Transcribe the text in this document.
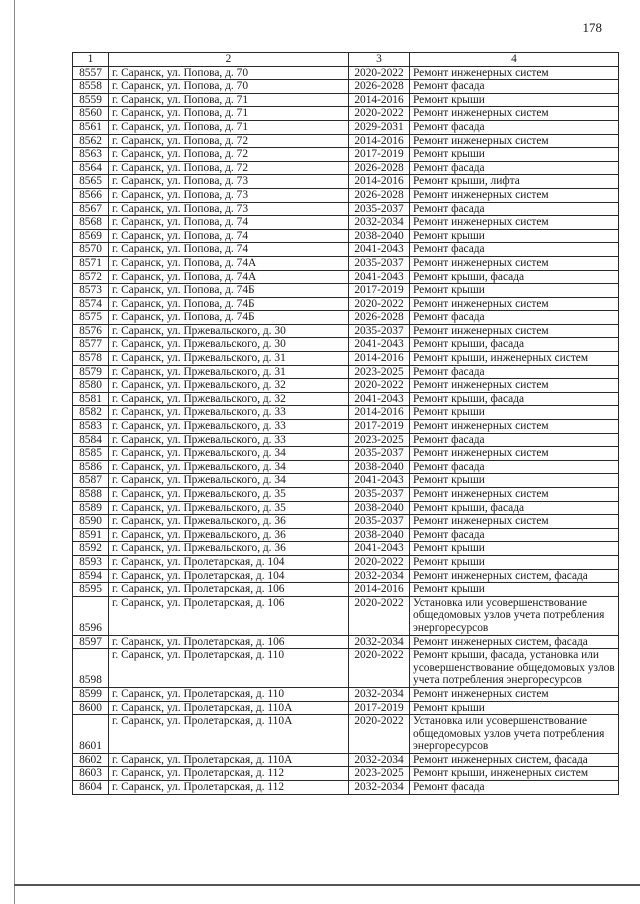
178
1	2	3	4
8557	г. Саранск, ул. Попова, д. 70	2020-2022	Ремонт инженерных систем
8558	г. Саранск, ул. Попова, д. 70	2026-2028	Ремонт фасада
8559	г. Саранск, ул. Попова, д. 71	2014-2016	Ремонт крыши
8560	г. Саранск, ул. Попова, д. 71	2020-2022	Ремонт инженерных систем
8561	г. Саранск, ул. Попова, д. 71	2029-2031	Ремонт фасада
8562	г. Саранск, ул. Попова, д. 72	2014-2016	Ремонт инженерных систем
8563	г. Саранск, ул. Попова, д. 72	2017-2019	Ремонт крыши
8564	г. Саранск, ул. Попова, д. 72	2026-2028	Ремонт фасада
8565	г. Саранск, ул. Попова, д. 73	2014-2016	Ремонт крыши, лифта
8566	г. Саранск, ул. Попова, д. 73	2026-2028	Ремонт инженерных систем
8567	г. Саранск, ул. Попова, д. 73	2035-2037	Ремонт фасада
8568	г. Саранск, ул. Попова, д. 74	2032-2034	Ремонт инженерных систем
8569	г. Саранск, ул. Попова, д. 74	2038-2040	Ремонт крыши
8570	г. Саранск, ул. Попова, д. 74	2041-2043	Ремонт фасада
8571	г. Саранск, ул. Попова, д. 74А	2035-2037	Ремонт инженерных систем
8572	г. Саранск, ул. Попова, д. 74А	2041-2043	Ремонт крыши, фасада
8573	г. Саранск, ул. Попова, д. 74Б	2017-2019	Ремонт крыши
8574	г. Саранск, ул. Попова, д. 74Б	2020-2022	Ремонт инженерных систем
8575	г. Саранск, ул. Попова, д. 74Б	2026-2028	Ремонт фасада
8576	г. Саранск, ул. Пржевальского, д. 30	2035-2037	Ремонт инженерных систем
8577	г. Саранск, ул. Пржевальского, д. 30	2041-2043	Ремонт крыши, фасада
8578	г. Саранск, ул. Пржевальского, д. 31	2014-2016	Ремонт крыши, инженерных систем
8579	г. Саранск, ул. Пржевальского, д. 31	2023-2025	Ремонт фасада
8580	г. Саранск, ул. Пржевальского, д. 32	2020-2022	Ремонт инженерных систем
8581	г. Саранск, ул. Пржевальского, д. 32	2041-2043	Ремонт крыши, фасада
8582	г. Саранск, ул. Пржевальского, д. 33	2014-2016	Ремонт крыши
8583	г. Саранск, ул. Пржевальского, д. 33	2017-2019	Ремонт инженерных систем
8584	г. Саранск, ул. Пржевальского, д. 33	2023-2025	Ремонт фасада
8585	г. Саранск, ул. Пржевальского, д. 34	2035-2037	Ремонт инженерных систем
8586	г. Саранск, ул. Пржевальского, д. 34	2038-2040	Ремонт фасада
8587	г. Саранск, ул. Пржевальского, д. 34	2041-2043	Ремонт крыши
8588	г. Саранск, ул. Пржевальского, д. 35	2035-2037	Ремонт инженерных систем
8589	г. Саранск, ул. Пржевальского, д. 35	2038-2040	Ремонт крыши, фасада
8590	г. Саранск, ул. Пржевальского, д. 36	2035-2037	Ремонт инженерных систем
8591	г. Саранск, ул. Пржевальского, д. 36	2038-2040	Ремонт фасада
8592	г. Саранск, ул. Пржевальского, д. 36	2041-2043	Ремонт крыши
8593	г. Саранск, ул. Пролетарская, д. 104	2020-2022	Ремонт крыши
8594	г. Саранск, ул. Пролетарская, д. 104	2032-2034	Ремонт инженерных систем, фасада
8595	г. Саранск, ул. Пролетарская, д. 106	2014-2016	Ремонт крыши
8596	г. Саранск, ул. Пролетарская, д. 106	2020-2022	Установка или усовершенствование общедомовых узлов учета потребления энергоресурсов
8597	г. Саранск, ул. Пролетарская, д. 106	2032-2034	Ремонт инженерных систем, фасада
8598	г. Саранск, ул. Пролетарская, д. 110	2020-2022	Ремонт крыши, фасада, установка или усовершенствование общедомовых узлов учета потребления энергоресурсов
8599	г. Саранск, ул. Пролетарская, д. 110	2032-2034	Ремонт инженерных систем
8600	г. Саранск, ул. Пролетарская, д. 110А	2017-2019	Ремонт крыши
8601	г. Саранск, ул. Пролетарская, д. 110А	2020-2022	Установка или усовершенствование общедомовых узлов учета потребления энергоресурсов
8602	г. Саранск, ул. Пролетарская, д. 110А	2032-2034	Ремонт инженерных систем, фасада
8603	г. Саранск, ул. Пролетарская, д. 112	2023-2025	Ремонт крыши, инженерных систем
8604	г. Саранск, ул. Пролетарская, д. 112	2032-2034	Ремонт фасада
